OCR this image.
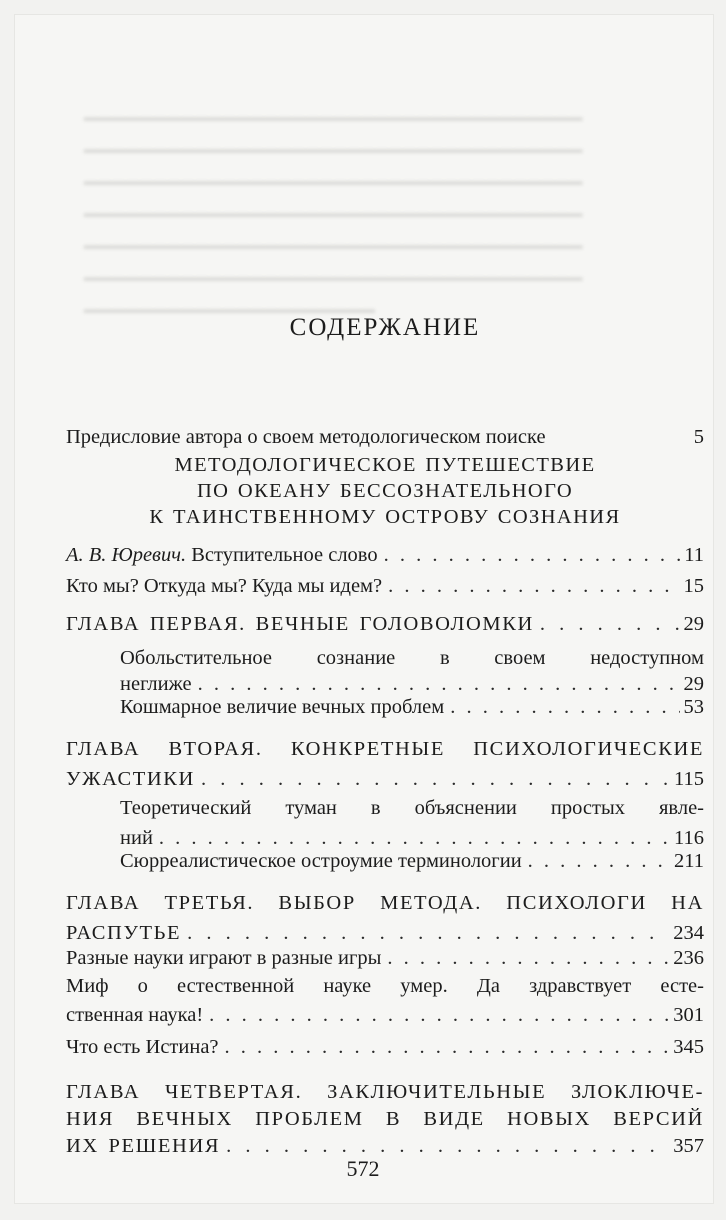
━━━━━━━━━━━━━━━━━━━━━━━━━━━━━━━━━━━━
━━━━━━━━━━━━━━━━━━━━━━━━━━━━━━━━━━━━
━━━━━━━━━━━━━━━━━━━━━━━━━━━━━━━━━━━━
━━━━━━━━━━━━━━━━━━━━━━━━━━━━━━━━━━━━
━━━━━━━━━━━━━━━━━━━━━━━━━━━━━━━━━━━━
━━━━━━━━━━━━━━━━━━━━━━━━━━━━━━━━━━━━
━━━━━━━━━━━━━━━━━━━━━
СОДЕРЖАНИЕ
Предисловие автора о своем методологическом поиске	5
МЕТОДОЛОГИЧЕСКОЕ ПУТЕШЕСТВИЕ
ПО ОКЕАНУ БЕССОЗНАТЕЛЬНОГО
К ТАИНСТВЕННОМУ ОСТРОВУ СОЗНАНИЯ
А. В. Юревич. Вступительное слово . . .	11
Кто мы? Откуда мы? Куда мы идем? . . .	15
ГЛАВА ПЕРВАЯ. ВЕЧНЫЕ ГОЛОВОЛОМКИ . . .	29
Обольстительное сознание в своем недоступном
неглиже . . .	29
Кошмарное величие вечных проблем . . .	53
ГЛАВА ВТОРАЯ. КОНКРЕТНЫЕ ПСИХОЛОГИЧЕСКИЕ
УЖАСТИКИ . . .	115
Теоретический туман в объяснении простых явле-
ний . . .	116
Сюрреалистическое остроумие терминологии . . .	211
ГЛАВА ТРЕТЬЯ. ВЫБОР МЕТОДА. ПСИХОЛОГИ НА
РАСПУТЬЕ . . .	234
Разные науки играют в разные игры . . .	236
Миф о естественной науке умер. Да здравствует есте-
ственная наука! . . .	301
Что есть Истина? . . .	345
ГЛАВА ЧЕТВЕРТАЯ. ЗАКЛЮЧИТЕЛЬНЫЕ ЗЛОКЛЮЧЕ-
НИЯ ВЕЧНЫХ ПРОБЛЕМ В ВИДЕ НОВЫХ ВЕРСИЙ
ИХ РЕШЕНИЯ . . .	357
572
